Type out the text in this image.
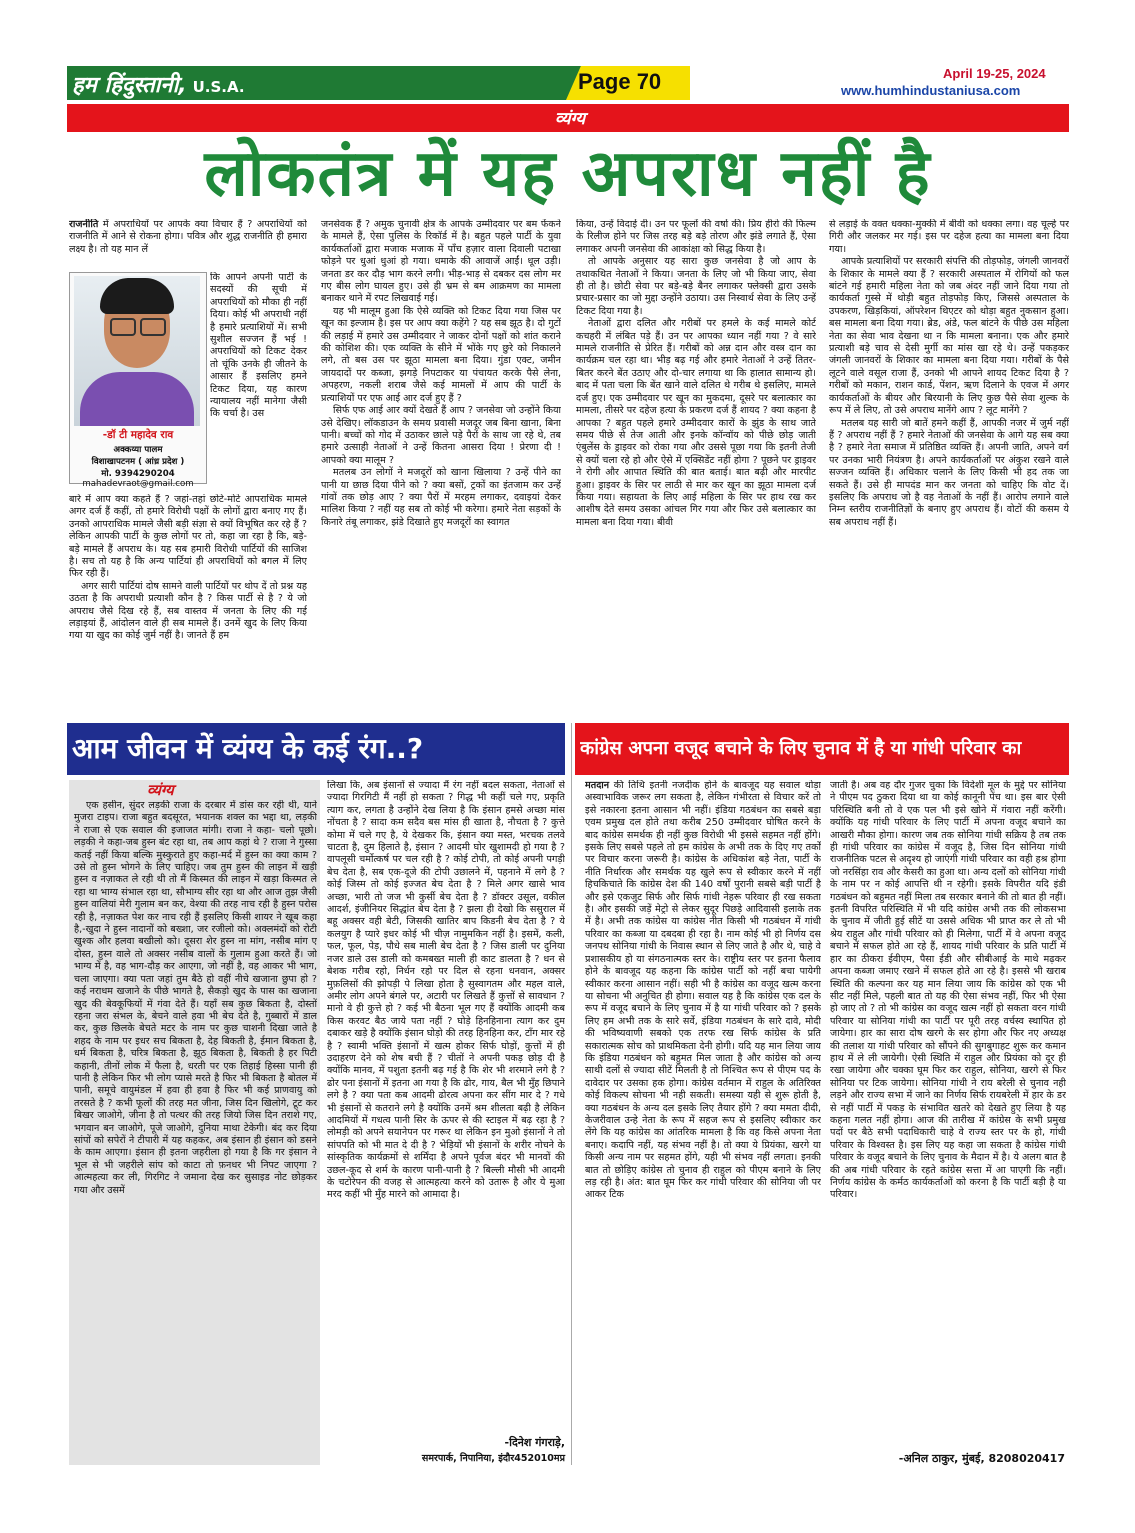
हम हिंदुस्तानी, U.S.A.	Page 70	April 19-25, 2024
www.humhindustaniusa.com
व्यंग्य
लोकतंत्र में यह अपराध नहीं है

राजनीति में अपराधियों पर आपके क्या विचार हैं ? अपराधियों को राजनीति में आने से रोकना होगा। पवित्र और शुद्ध राजनीति ही हमारा लक्ष्य है। तो यह मान लें

-डॉ टी महादेव राव
अक्कय्या पालम
विशाखापटनम ( आंध्र प्रदेश )
मो. 9394290204
mahadevraot@gmail.com

कि आपने अपनी पार्टी के सदस्यों की सूची में अपराधियों को मौका ही नहीं दिया। कोई भी अपराधी नहीं है हमारे प्रत्याशियों में। सभी सुशील सज्जन हैं भई ! अपराधियों को टिकट देकर तो चूंकि उनके ही जीतने के आसार हैं इसलिए हमने टिकट दिया, यह कारण न्यायालय नहीं मानेगा जैसी कि चर्चा है। उस

बारे में आप क्या कहते हैं ? जहां-तहां छोटे-मोटे आपराधिक मामले अगर दर्ज हैं कहीं, तो हमारे विरोधी पक्षों के लोगों द्वारा बनाए गए हैं। उनको आपराधिक मामले जैसी बड़ी संज्ञा से क्यों विभूषित कर रहे हैं ? लेकिन आपकी पार्टी के कुछ लोगों पर तो, कहा जा रहा है कि, बड़े-बड़े मामले हैं अपराध के। यह सब हमारी विरोधी पार्टियों की साजिश है। सच तो यह है कि अन्य पार्टियां ही अपराधियों को बगल में लिए फिर रही हैं।

अगर सारी पार्टियां दोष सामने वाली पार्टियों पर थोप दें तो प्रश्न यह उठता है कि अपराधी प्रत्याशी कौन है ? किस पार्टी से है ? ये जो अपराध जैसे दिख रहे हैं, सब वास्तव में जनता के लिए की गई लड़ाइयां हैं, आंदोलन वाले ही सब मामले हैं। उनमें खुद के लिए किया गया या खुद का कोई जुर्म नहीं है। जानते हैं हम

जनसेवक हैं ? अमुक चुनावी क्षेत्र के आपके उम्मीदवार पर बम फेंकने के मामले हैं, ऐसा पुलिस के रिकॉर्ड में है। बहुत पहले पार्टी के युवा कार्यकर्ताओं द्वारा मजाक मजाक में पाँच हज़ार वाला दिवाली पटाखा फोड़ने पर धुआं धुआं हो गया। धमाके की आवाजें आईं। धूल उड़ी। जनता डर कर दौड़ भाग करने लगी। भीड़-भाड़ से दबकर दस लोग मर गए बीस लोग घायल हुए। उसे ही भ्रम से बम आक्रमण का मामला बनाकर थाने में रपट लिखवाई गई।

यह भी मालूम हुआ कि ऐसे व्यक्ति को टिकट दिया गया जिस पर खून का इल्जाम है। इस पर आप क्या कहेंगे ? यह सब झूठ है। दो गुटों की लड़ाई में हमारे उस उम्मीदवार ने जाकर दोनों पक्षों को शांत कराने की कोशिश की। एक व्यक्ति के सीने में भोंके गए छुरे को निकालने लगे, तो बस उस पर झूठा मामला बना दिया। गुंडा एक्ट, जमीन जायदादों पर कब्जा, झगड़े निपटाकर या पंचायत करके पैसे लेना, अपहरण, नकली शराब जैसे कई मामलों में आप की पार्टी के प्रत्याशियों पर एफ आई आर दर्ज हुए हैं ?

सिर्फ एफ आई आर क्यों देखते हैं आप ? जनसेवा जो उन्होंने किया उसे देखिए। लॉकडाउन के समय प्रवासी मजदूर जब बिना खाना, बिना पानी। बच्चों को गोद में उठाकर छाले पड़े पैरों के साथ जा रहे थे, तब हमारे उत्साही नेताओं ने उन्हें कितना आसरा दिया ! प्रेरणा दी ! आपको क्या मालूम ?

मतलब उन लोगों ने मजदूरों को खाना खिलाया ? उन्हें पीने का पानी या छाछ दिया पीने को ? क्या बसों, ट्रकों का इंतजाम कर उन्हें गांवों तक छोड़ आए ? क्या पैरों में मरहम लगाकर, दवाइयां देकर मालिश किया ? नहीं यह सब तो कोई भी करेगा। हमारे नेता सड़कों के किनारे तंबू लगाकर, झंडे दिखाते हुए मजदूरों का स्वागत

किया, उन्हें विदाई दी। उन पर फूलों की वर्षा की। प्रिय हीरो की फिल्म के रिलीज होने पर जिस तरह बड़े बड़े तोरण और झंडे लगाते हैं, ऐसा लगाकर अपनी जनसेवा की आकांक्षा को सिद्ध किया है।

तो आपके अनुसार यह सारा कुछ जनसेवा है जो आप के तथाकथित नेताओं ने किया। जनता के लिए जो भी किया जाए, सेवा ही तो है। छोटी सेवा पर बड़े-बड़े बैनर लगाकर फ्लेक्सी द्वारा उसके प्रचार-प्रसार का जो मुद्दा उन्होंने उठाया। उस निस्वार्थ सेवा के लिए उन्हें टिकट दिया गया है।

नेताओं द्वारा दलित और गरीबों पर हमले के कई मामले कोर्ट कचहरी में लंबित पड़े हैं। उन पर आपका ध्यान नहीं गया ? वे सारे मामले राजनीति से प्रेरित हैं। गरीबों को अन्न दान और वस्त्र दान का कार्यक्रम चल रहा था। भीड़ बढ़ गई और हमारे नेताओं ने उन्हें तितर-बितर करने बेंत उठाए और दो-चार लगाया था कि हालात सामान्य हो। बाद में पता चला कि बेंत खाने वाले दलित थे गरीब थे इसलिए, मामले दर्ज हुए। एक उम्मीदवार पर खून का मुकदमा, दूसरे पर बलात्कार का मामला, तीसरे पर दहेज हत्या के प्रकरण दर्ज हैं शायद ? क्या कहना है आपका ? बहुत पहले हमारे उम्मीदवार कारों के झुंड के साथ जाते समय पीछे से तेज आती और इनके कॉन्वॉय को पीछे छोड़ जाती एंबुलेंस के ड्राइवर को रोका गया और उससे पूछा गया कि इतनी तेजी से क्यों चला रहे हो और ऐसे में एक्सिडेंट नहीं होगा ? पूछने पर ड्राइवर ने रोगी और आपात स्थिति की बात बताई। बात बढ़ी और मारपीट हुआ। ड्राइवर के सिर पर लाठी से मार कर खून का झूठा मामला दर्ज किया गया। सहायता के लिए आई महिला के सिर पर हाथ रख कर आशीष देते समय उसका आंचल गिर गया और फिर उसे बलात्कार का मामला बना दिया गया। बीवी

से लड़ाई के वक्त धक्का-मुक्की में बीवी को धक्का लगा। वह चूल्हे पर गिरी और जलकर मर गई। इस पर दहेज हत्या का मामला बना दिया गया।

आपके प्रत्याशियों पर सरकारी संपत्ति की तोड़फोड़, जंगली जानवरों के शिकार के मामले क्या हैं ? सरकारी अस्पताल में रोगियों को फल बांटने गई हमारी महिला नेता को जब अंदर नहीं जाने दिया गया तो कार्यकर्ता गुस्से में थोड़ी बहुत तोड़फोड़ किए, जिससे अस्पताल के उपकरण, खिड़कियां, ऑपरेशन थिएटर को थोड़ा बहुत नुकसान हुआ। बस मामला बना दिया गया। ब्रेड, अंडे, फल बांटने के पीछे उस महिला नेता का सेवा भाव देखना था न कि मामला बनाना। एक और हमारे प्रत्याशी बड़े चाव से देसी मुर्गी का मांस खा रहे थे। उन्हें पकड़कर जंगली जानवरों के शिकार का मामला बना दिया गया। गरीबों के पैसे लूटने वाले वसूल राजा हैं, उनको भी आपने शायद टिकट दिया है ? गरीबों को मकान, राशन कार्ड, पेंशन, ऋण दिलाने के एवज में अगर कार्यकर्ताओं के बीयर और बिरयानी के लिए कुछ पैसे सेवा शुल्क के रूप में ले लिए, तो उसे अपराध मानेंगे आप ? लूट मानेंगे ?

मतलब यह सारी जो बातें हमने कहीं हैं, आपकी नजर में जुर्म नहीं हैं ? अपराध नहीं हैं ? हमारे नेताओं की जनसेवा के आगे यह सब क्या है ? हमारे नेता समाज में प्रतिष्ठित व्यक्ति हैं। अपनी जाति, अपने वर्ग पर उनका भारी नियंत्रण है। अपने कार्यकर्ताओं पर अंकुश रखने वाले सज्जन व्यक्ति हैं। अधिकार चलाने के लिए किसी भी हद तक जा सकते हैं। उसे ही मापदंड मान कर जनता को चाहिए कि वोट दें। इसलिए कि अपराध जो है वह नेताओं के नहीं हैं। आरोप लगाने वाले निम्न स्तरीय राजनीतिज्ञों के बनाए हुए अपराध हैं। वोटों की कसम ये सब अपराध नहीं हैं।

आम जीवन में व्यंग्य के कई रंग..?
व्यंग्य

एक हसीन, सुंदर लड़की राजा के दरबार में डांस कर रही थी, याने मुजरा टाइप। राजा बहुत बदसूरत, भयानक शक्ल का भद्दा था, लड़की ने राजा से एक सवाल की इजाजत मांगी। राजा ने कहा- चलो पूछो। लड़की ने कहा-जब हुस्न बंट रहा था, तब आप कहां थे ? राजा ने गुस्सा कतई नहीं किया बल्कि मुस्कुराते हुए कहा-मर्द में हुस्न का क्या काम ? उसे तो हुस्न भोगने के लिए चाहिए। जब तुम हुस्न की लाइन में खड़ी हुस्न व नज़ाकत ले रही थी तो मैं किस्मत की लाइन में खड़ा किस्मत ले रहा था भाग्य संभाल रहा था, सौभाग्य सीर रहा था और आज तुझ जैसी हुस्न वालियां मेरी गुलाम बन कर, वेश्या की तरह नाच रही है हुस्न परोस रही है, नज़ाकत पेश कर नाच रही हैं इसलिए किसी शायर ने खूब कहा है,-खुदा ने हुस्न नादानों को बख्शा, जर रजीलो को। अक्लमंदों को रोटी खुश्क और हलवा बखीलो को। दूसरा शेर हुस्न ना मांग, नसीब मांग ए दोस्त, हुस्न वाले तो अक्सर नसीब वालों के गुलाम हुआ करते हैं। जो भाग्य में है, वह भाग-दौड़ कर आएगा, जो नहीं है, वह आकर भी भाग, चला जाएगा। क्या पता जहां तुम बैठे हो वहीं नीचे खजाना छुपा हो ? कई नराधम खजाने के पीछे भागते है, सैकड़ो खुद के पास का खजाना खुद की बेवकूफियों में गंवा देते हैं। यहाँ सब कुछ बिकता है, दोस्तों रहना जरा संभल के, बेचने वाले हवा भी बेच देते है, गुब्बारों में डाल कर, कुछ छिलके बेचते मटर के नाम पर कुछ चाशनी दिखा जाते है शहद के नाम पर इधर सच बिकता है, देह बिकती है, ईमान बिकता है, धर्म बिकता है, चरित्र बिकता है, झूठ बिकता है, बिकती है हर पिटी कहानी, तीनों लोक में फैला है, धरती पर एक तिहाई हिस्सा पानी ही पानी है लेकिन फिर भी लोग प्यासे मरते है फिर भी बिकता है बोतल में पानी, समूचे वायुमंडल में हवा ही हवा है फिर भी कई प्राणवायु को तरसते है ? कभी फूलों की तरह मत जीना, जिस दिन खिलोगे, टूट कर बिखर जाओगे, जीना है तो पत्थर की तरह जियो जिस दिन तराशे गए, भगवान बन जाओगे, पूजे जाओगे, दुनिया माथा टेकेगी। बंद कर दिया सांपों को सपेरों ने टीपारी में यह कहकर, अब इंसान ही इंसान को डसने के काम आएगा। इंसान ही इतना जहरीला हो गया है कि गर इंसान ने भूल से भी जहरीले सांप को काटा तो फ़नधर भी निपट जाएगा ? आत्महत्या कर ली, गिरगिट ने जमाना देख कर सुसाइड नोट छोड़कर गया और उसमें

लिखा कि, अब इंसानों से ज्यादा मैं रंग नहीं बदल सकता, नेताओं से ज्यादा गिरगिटी मैं नहीं हो सकता ? गिद्ध भी कहीं चले गए, प्रकृति त्याग कर, लगता है उन्होंने देख लिया है कि इंसान हमसे अच्छा मांस नोंचता है ? सादा कम सदैव बस मांस ही खाता है, नौचता है ? कुत्ते कोमा में चले गए है, ये देखकर कि, इंसान क्या मस्त, भरचक तलवे चाटता है, दुम हिलाते है, इंसान ? आदमी घोर खुशामदी हो गया है ? वापलूसी चर्मोत्कर्ष पर चल रही है ? कोई टोपी, तो कोई अपनी पगड़ी बेच देता है, सब एक-दूजे की टोपी उछालने में, पहनाने में लगे है ? कोई जिस्म तो कोई इज्जत बेच देता है ? मिले अगर खासे भाव अच्छा, भारी तो जज भी कुर्सी बेच देता है ? डॉक्टर उसूल, वकील आदर्श, इंजीनियर सिद्धांत बेच देता है ? झला ही देखो कि ससुराल में बहू अक्सर वही बेटी, जिसकी खातिर बाप किडनी बेच देता है ? ये कलयुग है प्यारे इधर कोई भी चीज़ नामुमकिन नहीं है। इसमें, कली, फल, फूल, पेड़, पौधे सब माली बेच देता है ? जिस डाली पर दुनिया नजर डाले उस डाली को कमबख्त माली ही काट डालता है ? धन से बेशक गरीब रहो, निर्धन रहो पर दिल से रहना धनवान, अक्सर मुफ़लिसों की झोपड़ी पे लिखा होता है सुस्वागतम और महल वाले, अमीर लोग अपने बंगले पर, अटारी पर लिखते हैं कुत्तों से सावधान ? मानो वे ही कुत्ते हो ? कई भी बैठना भूल गए हैं क्योंकि आदमी कब किस करवट बैठ जाये पता नहीं ? घोड़े हिनहिनाना त्याग कर दुम दबाकर खड़े है क्योंकि इंसान घोड़ो की तरह हिनहिना कर, टाँग मार रहे है ? स्वामी भक्ति इंसानों में खत्म होकर सिर्फ घोड़ों, कुत्तों में ही उदाहरण देने को शेष बची हैं ? चीतों ने अपनी पकड़ छोड़ दी है क्योंकि मानव, में पशुता इतनी बढ़ गई है कि शेर भी शरमाने लगे है ? ढोर पना इंसानों में इतना आ गया है कि ढोर, गाय, बैल भी मुँह छिपाने लगे है ? क्या पता कब आदमी ढोरत्व अपना कर सींग मार दे ? गधे भी इंसानों से कतराने लगे है क्योंकि उनमें श्रम शीलता बढ़ी है लेकिन आदमियों में गधत्व पानी सिर के ऊपर से की स्टाइल में बढ़ रहा है ? लोमड़ी को अपने सयानेपन पर गरूर था लेकिन इन मुओ इंसानों ने तो सांपपति को भी मात दे दी है ? भेड़ियों भी इंसानों के शरीर नोचने के सांस्कृतिक कार्यक्रमों से शर्मिंदा है अपने पूर्वज बंदर भी मानवों की उछल-कूद से शर्म के कारण पानी-पानी है ? बिल्ली मौसी भी आदमी के चटोरेपन की वजह से आत्महत्या करने को उतारू है और ये मुआ मरद कहीं भी मुँह मारने को आमादा है।

-दिनेश गंगराड़े,
समरपार्क, निपानिया, इंदौर452010मप्र
कांग्रेस अपना वजूद बचाने के लिए चुनाव में है या गांधी परिवार का

मतदान की तिथि इतनी नजदीक होने के बावजूद यह सवाल थोड़ा अस्वाभाविक जरूर लग सकता है, लेकिन गंभीरता से विचार करें तो इसे नकारना इतना आसान भी नहीं। इंडिया गठबंधन का सबसे बड़ा एवम प्रमुख दल होते तथा करीब 250 उम्मीदवार घोषित करने के बाद कांग्रेस समर्थक ही नहीं कुछ विरोधी भी इससे सहमत नहीं होंगे। इसके लिए सबसे पहले तो हम कांग्रेस के अभी तक के दिए गए तर्कों पर विचार करना जरूरी है। कांग्रेस के अधिकांश बड़े नेता, पार्टी के नीति निर्धारक और समर्थक यह खुले रूप से स्वीकार करने में नहीं हिचकिचाते कि कांग्रेस देश की 140 वर्षों पुरानी सबसे बड़ी पार्टी है और इसे एकजुट सिर्फ और सिर्फ गांधी नेहरू परिवार ही रख सकता है। और इसकी जड़ें मेट्रो से लेकर सुदूर पिछड़े आदिवासी इलाके तक में है। अभी तक कांग्रेस या कांग्रेस नीत किसी भी गठबंधन में गांधी परिवार का कब्जा या दबदबा ही रहा है। नाम कोई भी हो निर्णय दस जनपथ सोनिया गांधी के निवास स्थान से लिए जाते है और थे, चाहे वे प्रशासकीय हो या संगठनात्मक स्तर के। राष्ट्रीय स्तर पर इतना फैलाव होने के बावजूद यह कहना कि कांग्रेस पार्टी को नहीं बचा पायेगी स्वीकार करना आसान नहीं। सही भी है कांग्रेस का वजूद खत्म करना या सोचना भी अनुचित ही होगा। सवाल यह है कि कांग्रेस एक दल के रूप में वजूद बचाने के लिए चुनाव में है या गांधी परिवार को ? इसके लिए हम अभी तक के सारे सर्वे, इंडिया गठबंधन के सारे दावे, मोदी की भविष्यवाणी सबको एक तरफ रख सिर्फ कांग्रेस के प्रति सकारात्मक सोच को प्राथमिकता देनी होगी। यदि यह मान लिया जाय कि इंडिया गठबंधन को बहुमत मिल जाता है और कांग्रेस को अन्य साथी दलों से ज्यादा सीटें मिलती है तो निश्चित रूप से पीएम पद के दावेदार पर उसका हक होगा। कांग्रेस वर्तमान में राहुल के अतिरिक्त कोई विकल्प सोचना भी नही सकती। समस्या यही से शुरू होती है, क्या गठबंधन के अन्य दल इसके लिए तैयार होंगे ? क्या ममता दीदी, केजरीवाल उन्हे नेता के रूप में सहज रूप से इसलिए स्वीकार कर लेंगे कि यह कांग्रेस का आंतरिक मामला है कि वह किसे अपना नेता बनाए। कदापि नहीं, यह संभव नहीं है। तो क्या ये प्रियंका, खरगे या किसी अन्य नाम पर सहमत होंगे, यही भी संभव नहीं लगता। इनकी बात तो छोड़िए कांग्रेस तो चुनाव ही राहुल को पीएम बनाने के लिए लड़ रही है। अंत: बात घूम फिर कर गांधी परिवार की सोनिया जी पर आकर टिक

जाती है। अब वह दौर गुजर चुका कि विदेशी मूल के मुद्दे पर सोनिया ने पीएम पद ठुकरा दिया था या कोई कानूनी पेंच था। इस बार ऐसी परिस्थिति बनी तो वे एक पल भी इसे खोने में गंवारा नहीं करेंगी। क्योंकि यह गांधी परिवार के लिए पार्टी में अपना वजूद बचाने का आखरी मौका होगा। कारण जब तक सोनिया गांधी सक्रिय है तब तक ही गांधी परिवार का कांग्रेस में वजूद है, जिस दिन सोनिया गांधी राजनीतिक पटल से अदृश्य हो जाएंगी गांधी परिवार का वही हश्र होगा जो नरसिंहा राव और केसरी का हुआ था। अन्य दलों को सोनिया गांधी के नाम पर न कोई आपत्ति थी न रहेगी। इसके विपरीत यदि इंडी गठबंधन को बहुमत नहीं मिला तब सरकार बनाने की तो बात ही नहीं। इतनी विपरित परिस्थिति में भी यदि कांग्रेस अभी तक की लोकसभा के चुनाव में जीती हुई सीटें या उससे अधिक भी प्राप्त कर ले तो भी श्रेय राहुल और गांधी परिवार को ही मिलेगा, पार्टी में वे अपना वजूद बचाने में सफल होते आ रहे हैं, शायद गांधी परिवार के प्रति पार्टी में हार का ठीकरा ईवीएम, पैसा ईडी और सीबीआई के माथे मढ़कर अपना कब्जा जमाए रखने में सफल होते आ रहे है। इससे भी खराब स्थिति की कल्पना कर यह मान लिया जाय कि कांग्रेस को एक भी सीट नहीं मिले, पहली बात तो यह की ऐसा संभव नहीं, फिर भी ऐसा हो जाए तो ? तो भी कांग्रेस का वजूद खत्म नहीं हो सकता वरन गांधी परिवार या सोनिया गांधी का पार्टी पर पूरी तरह वर्चस्व स्थापित हो जायेगा। हार का सारा दोष खरगे के सर होगा और फिर नए अध्यक्ष की तलाश या गांधी परिवार को सौंपने की सुगबुगाहट शुरू कर कमान हाथ में ले ली जायेगी। ऐसी स्थिति में राहुल और प्रियंका को दूर ही रखा जायेगा और चक्का घूम फिर कर राहुल, सोनिया, खरगे से फिर सोनिया पर टिक जायेगा। सोनिया गांधी ने राय बरेली से चुनाव नही लड़ने और राज्य सभा में जाने का निर्णय सिर्फ रायबरेली में हार के डर से नहीं पार्टी में पकड़ के संभावित खतरे को देखते हुए लिया है यह कहना गलत नहीं होगा। आज की तारीख में कांग्रेस के सभी प्रमुख पदों पर बैठे सभी पदाधिकारी चाहे वे राज्य स्तर पर के हो, गांधी परिवार के विश्वस्त है। इस लिए यह कहा जा सकता है कांग्रेस गांधी परिवार के वजूद बचाने के लिए चुनाव के मैदान में है। ये अलग बात है की अब गांधी परिवार के रहते कांग्रेस सत्ता में आ पाएगी कि नहीं। निर्णय कांग्रेस के कर्मठ कार्यकर्ताओं को करना है कि पार्टी बड़ी है या परिवार।

-अनिल ठाकुर, मुंबई, 8208020417
